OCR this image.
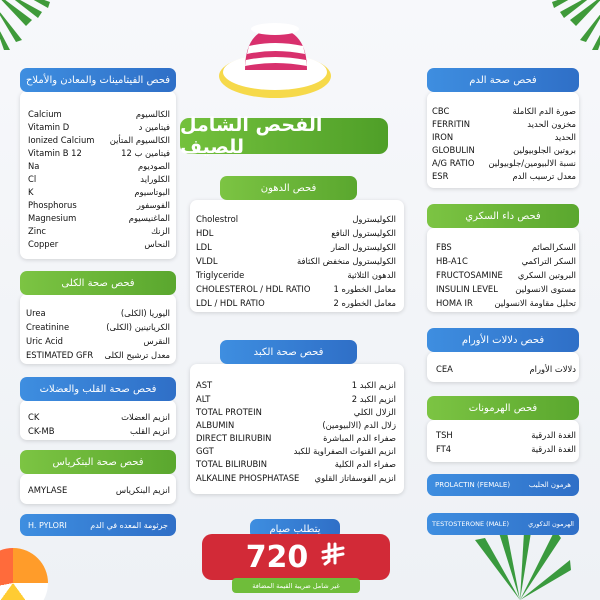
الفحص الشامل للصيف
فحص الفيتامينات والمعادن والأملاح
Calcium	الكالسيوم
Vitamin D	فيتامين د
Ionized Calcium الكالسيوم المتأين
Vitamin B 12	فيتامين ب 12
Na	الصوديوم
Cl	الكلورايد
K	البوتاسيوم
Phosphorus	الفوسفور
Magnesium	الماغنيسيوم
Zinc	الزنك
Copper	النحاس
فحص صحة الكلى
Urea	اليوريا (الكلى)
Creatinine	الكرياتينين (الكلى)
Uric Acid	النقرس
ESTIMATED GFR معدل ترشيح الكلى
فحص صحة القلب والعضلات
CK	انزيم العضلات
CK-MB	انزيم القلب
فحص صحة البنكرياس
AMYLASE	انزيم البنكرياس
H. PYLORI	جرثومة المعده في الدم
فحص الدهون
Cholestrol	الكوليسترول
HDL	الكوليسترول النافع
LDL	الكوليسترول الضار
VLDL	الكوليسترول منخفض الكثافة
Triglyceride	الدهون الثلاثية
CHOLESTEROL / HDL RATIO	معامل الخطوره 1
LDL / HDL RATIO	معامل الخطوره 2
فحص صحة الكبد
AST	انزيم الكبد 1
ALT	انزيم الكبد 2
TOTAL PROTEIN	الزلال الكلي
ALBUMIN	زلال الدم (الالبيومين)
DIRECT BILIRUBIN	صفراء الدم المباشرة
GGT	انزيم القنوات الصفراوية للكبد
TOTAL BILIRUBIN	صفراء الدم الكلية
ALKALINE PHOSPHATASE انزيم الفوسفاتاز القلوي
يتطلب صيام
720
غير شامل ضريبة القيمة المضافة
فحص صحة الدم
CBC	صورة الدم الكاملة
FERRITIN	مخزون الحديد
IRON	الحديد
GLOBULIN	بروتين الجلوبيولين
A/G RATIO نسبة الالبيومين/جلوبيولين
ESR	معدل ترسيب الدم
فحص داء السكري
FBS	السكرالصائم
HB-A1C	السكر التراكمي
FRUCTOSAMINE البروتين السكري
INSULIN LEVEL مستوى الانسولين
HOMA IR	تحليل مقاومة الانسولين
فحص دلالات الأورام
CEA	دلالات الأورام
فحص الهرمونات
TSH	الغدة الدرقية
FT4	الغدة الدرقية
PROLACTIN (FEMALE)	هرمون الحليب
TESTOSTERONE (MALE)	الهرمون الذكوري
